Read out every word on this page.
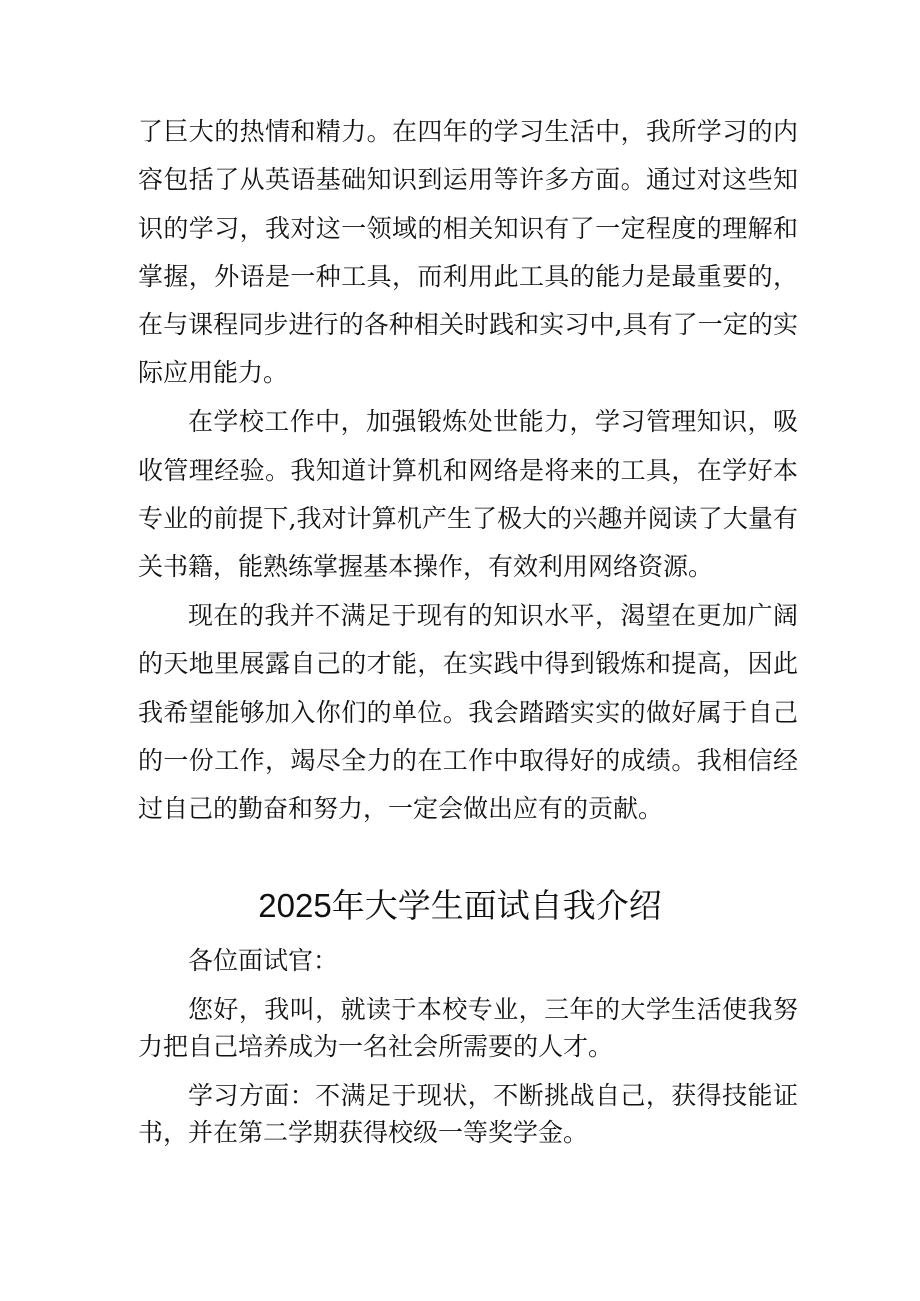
了巨大的热情和精力。在四年的学习生活中，我所学习的内容包括了从英语基础知识到运用等许多方面。通过对这些知识的学习，我对这一领域的相关知识有了一定程度的理解和掌握，外语是一种工具，而利用此工具的能力是最重要的，在与课程同步进行的各种相关时践和实习中,具有了一定的实际应用能力。

在学校工作中，加强锻炼处世能力，学习管理知识，吸收管理经验。我知道计算机和网络是将来的工具，在学好本专业的前提下,我对计算机产生了极大的兴趣并阅读了大量有关书籍，能熟练掌握基本操作，有效利用网络资源。

现在的我并不满足于现有的知识水平，渴望在更加广阔的天地里展露自己的才能，在实践中得到锻炼和提高，因此我希望能够加入你们的单位。我会踏踏实实的做好属于自己的一份工作，竭尽全力的在工作中取得好的成绩。我相信经过自己的勤奋和努力，一定会做出应有的贡献。

2025年大学生面试自我介绍

各位面试官：

您好，我叫，就读于本校专业，三年的大学生活使我努力把自己培养成为一名社会所需要的人才。

学习方面：不满足于现状，不断挑战自己，获得技能证书，并在第二学期获得校级一等奖学金。
